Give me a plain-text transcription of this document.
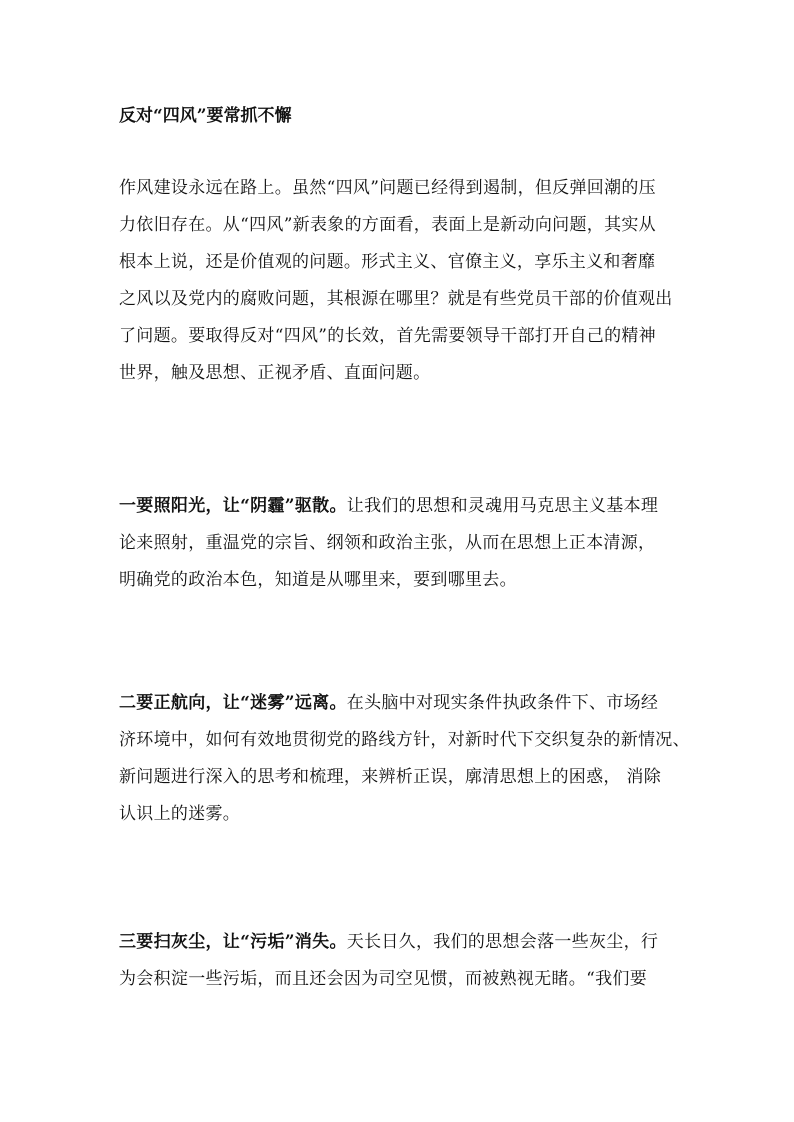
反对“四风”要常抓不懈
作风建设永远在路上。虽然“四风”问题已经得到遏制，但反弹回潮的压
力依旧存在。从“四风”新表象的方面看，表面上是新动向问题，其实从
根本上说，还是价值观的问题。形式主义、官僚主义，享乐主义和奢靡
之风以及党内的腐败问题，其根源在哪里？就是有些党员干部的价值观出
了问题。要取得反对“四风”的长效，首先需要领导干部打开自己的精神
世界，触及思想、正视矛盾、直面问题。
一要照阳光，让“阴霾”驱散。让我们的思想和灵魂用马克思主义基本理
论来照射，重温党的宗旨、纲领和政治主张，从而在思想上正本清源，
明确党的政治本色，知道是从哪里来，要到哪里去。
二要正航向，让“迷雾”远离。在头脑中对现实条件执政条件下、市场经
济环境中，如何有效地贯彻党的路线方针，对新时代下交织复杂的新情况、
新问题进行深入的思考和梳理，来辨析正误，廓清思想上的困惑， 消除
认识上的迷雾。
三要扫灰尘，让“污垢”消失。天长日久，我们的思想会落一些灰尘，行
为会积淀一些污垢，而且还会因为司空见惯，而被熟视无睹。“我们要
